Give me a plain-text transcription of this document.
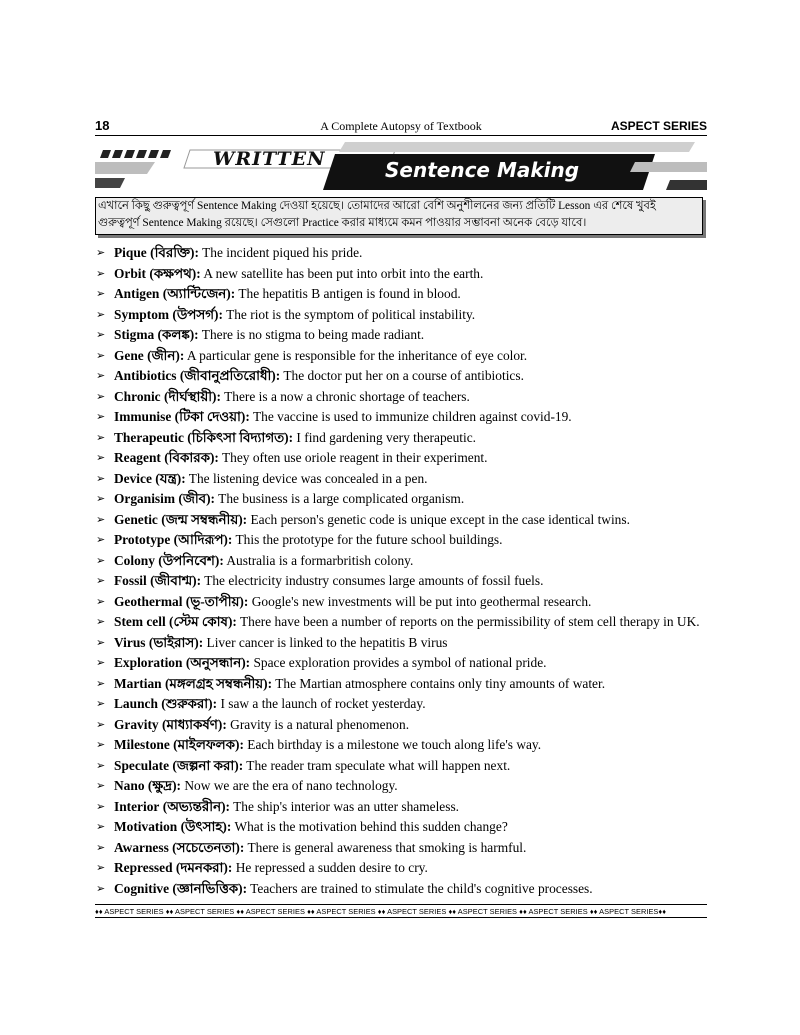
18	A Complete Autopsy of Textbook	ASPECT SERIES
WRITTEN	Sentence Making

এখানে কিছু গুরুত্বপূর্ণ Sentence Making দেওয়া হয়েছে। তোমাদের আরো বেশি অনুশীলনের জন্য প্রতিটি Lesson এর শেষে খুবই

গুরুত্বপূর্ণ Sentence Making রয়েছে। সেগুলো Practice করার মাধ্যমে কমন পাওয়ার সম্ভাবনা অনেক বেড়ে যাবে।

➢ Pique (বিরক্তি): The incident piqued his pride.
➢ Orbit (কক্ষপথ): A new satellite has been put into orbit into the earth.
➢ Antigen (অ্যান্টিজেন): The hepatitis B antigen is found in blood.
➢ Symptom (উপসর্গ): The riot is the symptom of political instability.
➢ Stigma (কলঙ্ক): There is no stigma to being made radiant.
➢ Gene (জীন): A particular gene is responsible for the inheritance of eye color.
➢ Antibiotics (জীবানুপ্রতিরোধী): The doctor put her on a course of antibiotics.
➢ Chronic (দীর্ঘস্থায়ী): There is a now a chronic shortage of teachers.
➢ Immunise (টিকা দেওয়া): The vaccine is used to immunize children against covid-19.
➢ Therapeutic (চিকিৎসা বিদ্যাগত): I find gardening very therapeutic.
➢ Reagent (বিকারক): They often use oriole reagent in their experiment.
➢ Device (যন্ত্র): The listening device was concealed in a pen.
➢ Organisim (জীব): The business is a large complicated organism.
➢ Genetic (জন্ম সম্বন্ধনীয়): Each person's genetic code is unique except in the case identical twins.
➢ Prototype (আদিরূপ): This the prototype for the future school buildings.
➢ Colony (উপনিবেশ): Australia is a formarbritish colony.
➢ Fossil (জীবাশ্ম): The electricity industry consumes large amounts of fossil fuels.
➢ Geothermal (ভূ-তাপীয়): Google's new investments will be put into geothermal research.
➢ Stem cell (স্টেম কোষ): There have been a number of reports on the permissibility of stem cell therapy in UK.
➢ Virus (ভাইরাস): Liver cancer is linked to the hepatitis B virus
➢ Exploration (অনুসন্ধান): Space exploration provides a symbol of national pride.
➢ Martian (মঙ্গলগ্রহ সম্বন্ধনীয়): The Martian atmosphere contains only tiny amounts of water.
➢ Launch (শুরুকরা): I saw a the launch of rocket yesterday.
➢ Gravity (মাধ্যাকর্ষণ): Gravity is a natural phenomenon.
➢ Milestone (মাইলফলক): Each birthday is a milestone we touch along life's way.
➢ Speculate (জল্পনা করা): The reader tram speculate what will happen next.
➢ Nano (ক্ষুদ্র): Now we are the era of nano technology.
➢ Interior (অভ্যন্তরীন): The ship's interior was an utter shameless.
➢ Motivation (উৎসাহ): What is the motivation behind this sudden change?
➢ Awarness (সচেতেনতা): There is general awareness that smoking is harmful.
➢ Repressed (দমনকরা): He repressed a sudden desire to cry.
➢ Cognitive (জ্ঞানভিত্তিক): Teachers are trained to stimulate the child's cognitive processes.
♦♦ ASPECT SERIES ♦♦ ASPECT SERIES ♦♦ ASPECT SERIES ♦♦ ASPECT SERIES ♦♦ ASPECT SERIES ♦♦ ASPECT SERIES ♦♦ ASPECT SERIES ♦♦ ASPECT SERIES♦♦
